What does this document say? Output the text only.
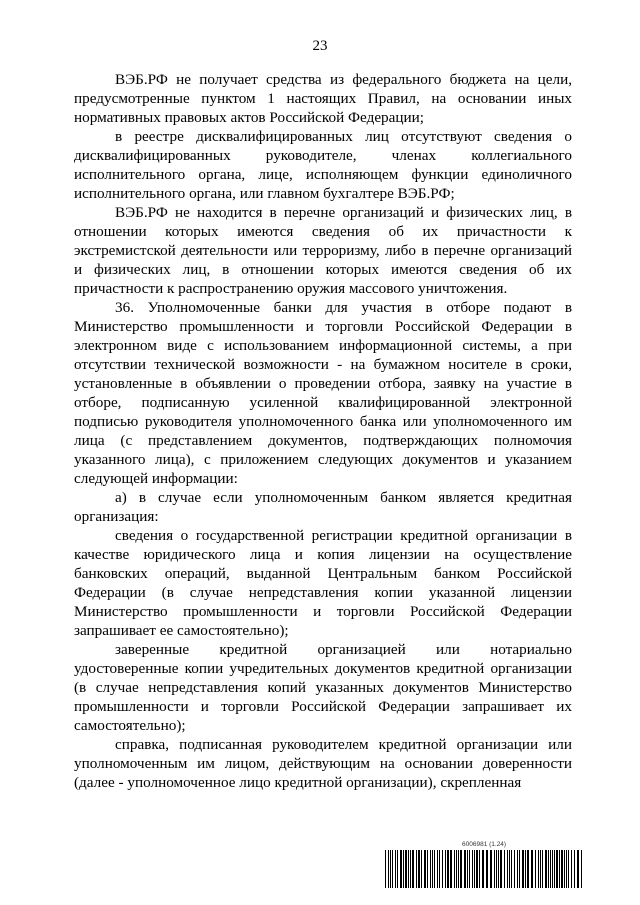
23

ВЭБ.РФ не получает средства из федерального бюджета на цели, предусмотренные пунктом 1 настоящих Правил, на основании иных нормативных правовых актов Российской Федерации;

в реестре дисквалифицированных лиц отсутствуют сведения о дисквалифицированных руководителе, членах коллегиального исполнительного органа, лице, исполняющем функции единоличного исполнительного органа, или главном бухгалтере ВЭБ.РФ;

ВЭБ.РФ не находится в перечне организаций и физических лиц, в отношении которых имеются сведения об их причастности к экстремистской деятельности или терроризму, либо в перечне организаций и физических лиц, в отношении которых имеются сведения об их причастности к распространению оружия массового уничтожения.

36. Уполномоченные банки для участия в отборе подают в Министерство промышленности и торговли Российской Федерации в электронном виде с использованием информационной системы, а при отсутствии технической возможности - на бумажном носителе в сроки, установленные в объявлении о проведении отбора, заявку на участие в отборе, подписанную усиленной квалифицированной электронной подписью руководителя уполномоченного банка или уполномоченного им лица (с представлением документов, подтверждающих полномочия указанного лица), с приложением следующих документов и указанием следующей информации:

а) в случае если уполномоченным банком является кредитная организация:

сведения о государственной регистрации кредитной организации в качестве юридического лица и копия лицензии на осуществление банковских операций, выданной Центральным банком Российской Федерации (в случае непредставления копии указанной лицензии Министерство промышленности и торговли Российской Федерации запрашивает ее самостоятельно);

заверенные кредитной организацией или нотариально удостоверенные копии учредительных документов кредитной организации (в случае непредставления копий указанных документов Министерство промышленности и торговли Российской Федерации запрашивает их самостоятельно);

справка, подписанная руководителем кредитной организации или уполномоченным им лицом, действующим на основании доверенности (далее - уполномоченное лицо кредитной организации), скрепленная

6006981 (1.24)
